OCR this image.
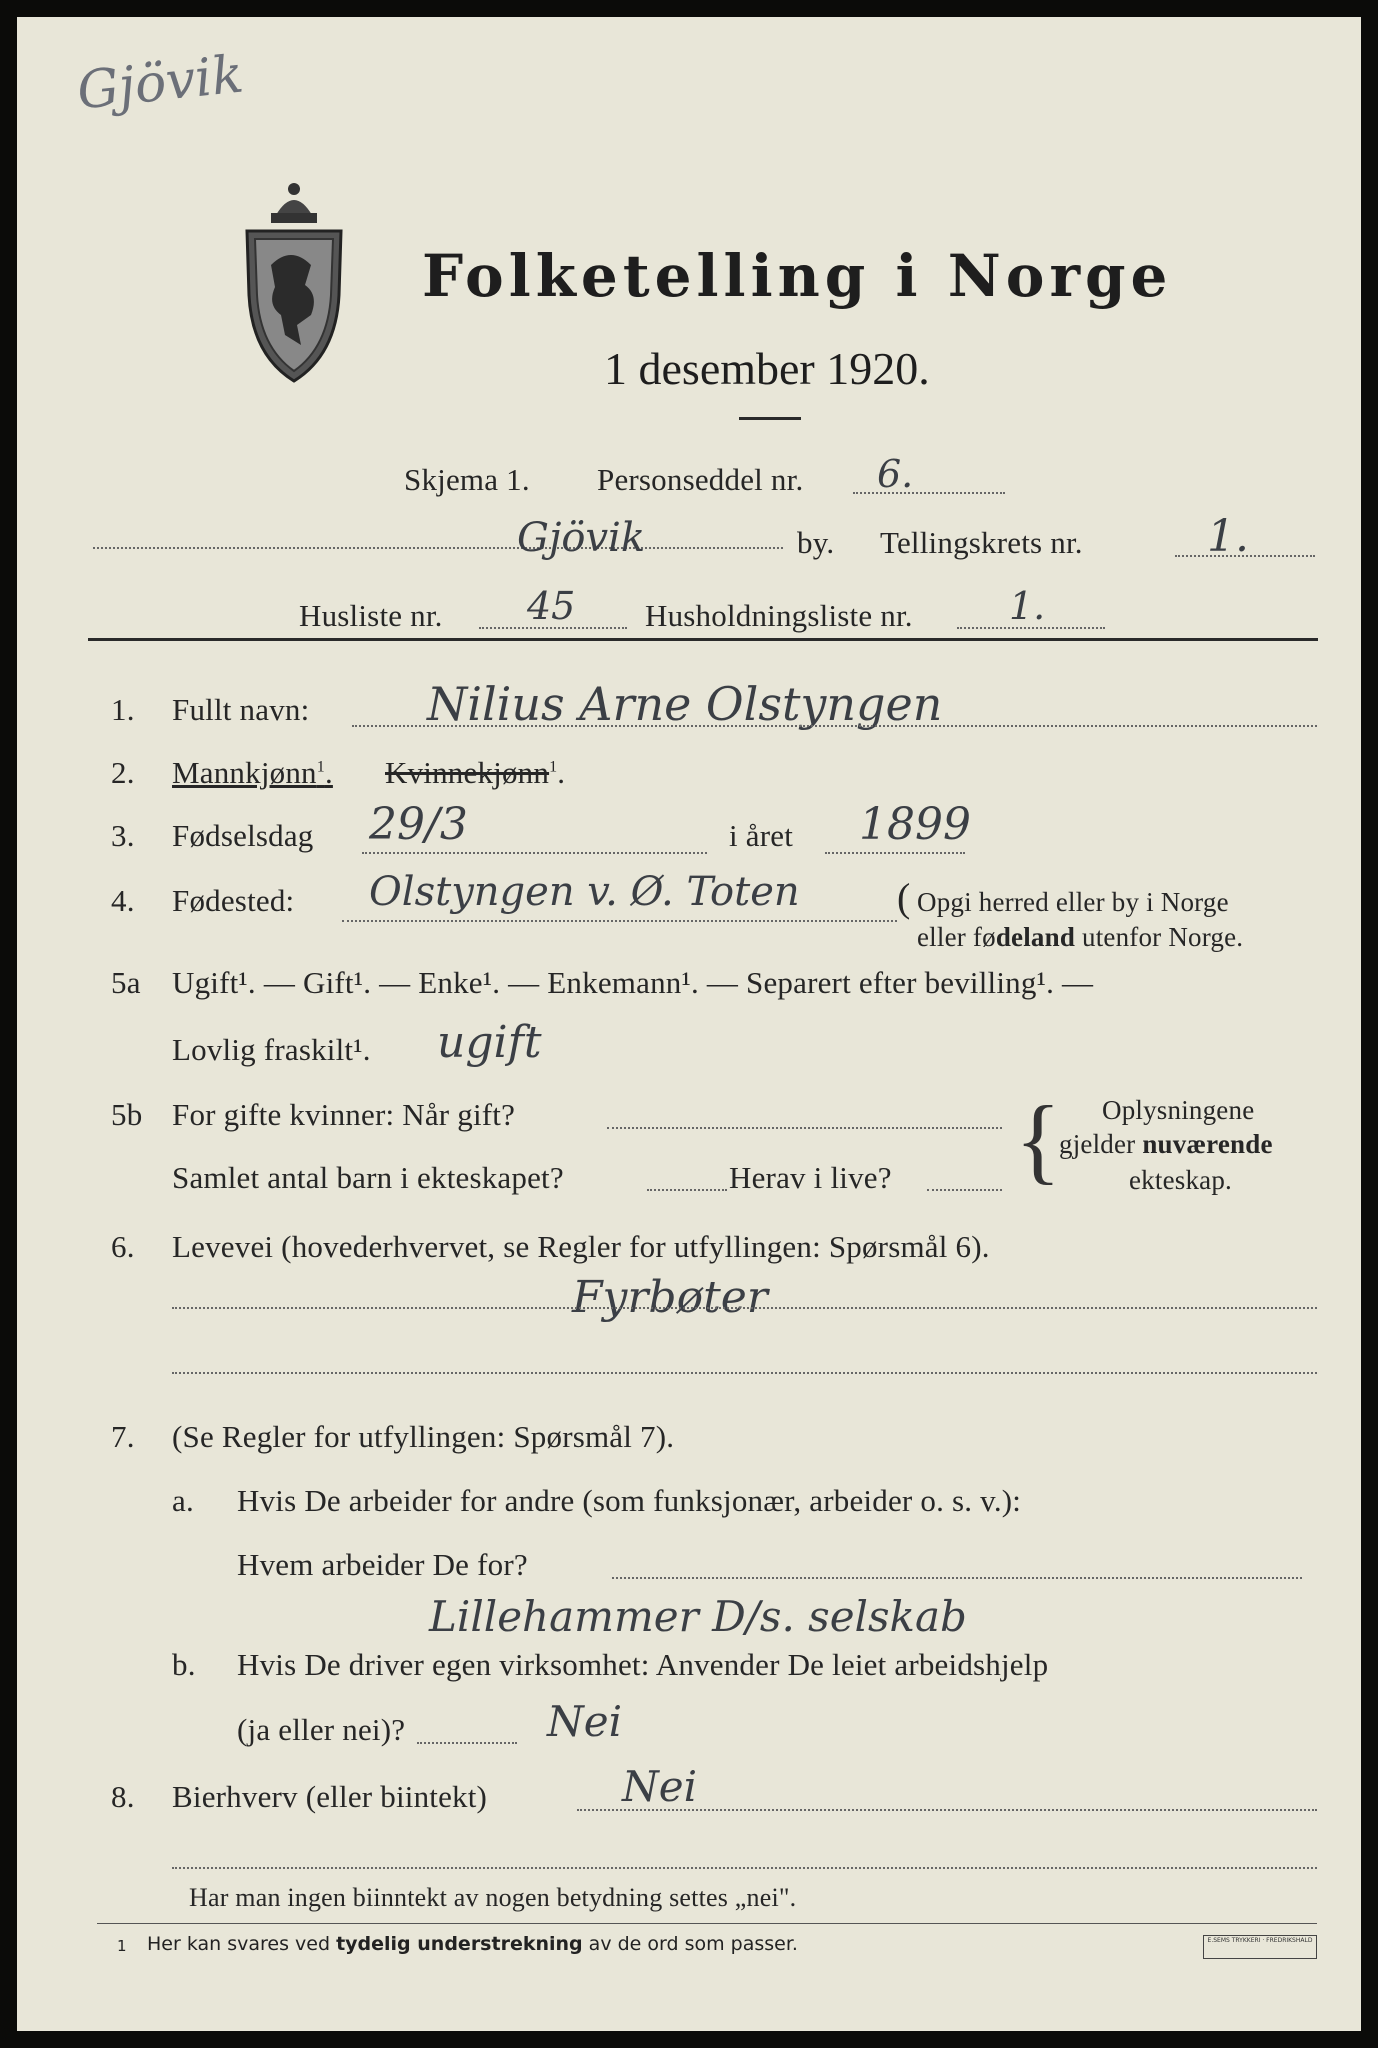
Gjövik
Folketelling i Norge
1 desember 1920.
Skjema 1. Personseddel nr. 6.
Gjövik	by. Tellingskrets nr.	1.
Husliste nr. 45 Husholdningsliste nr.	1.
1. Fullt navn:	Nilius Arne Olstyngen
2. Mannkjønn$^1$. Kvinnekjønn$^1$.
3. Fødselsdag 29/3	i året 1899
4. Fødested: Olstyngen v. Ø. Toten ( Opgi herred eller by i Norge
eller fødeland utenfor Norge.
5a Ugift¹. — Gift¹. — Enke¹. — Enkemann¹. — Separert efter bevilling¹. —
Lovlig fraskilt¹. ugift
5b For gifte kvinner: Når gift?
Samlet antal barn i ekteskapet?	Herav i live? { Oplysningene
gjelder nuværende
ekteskap.
6. Levevei (hovederhvervet, se Regler for utfyllingen: Spørsmål 6).
Fyrbøter
7. (Se Regler for utfyllingen: Spørsmål 7).
a. Hvis De arbeider for andre (som funksjonær, arbeider o. s. v.):
Hvem arbeider De for?
Lillehammer D/s. selskab
b. Hvis De driver egen virksomhet: Anvender De leiet arbeidshjelp
(ja eller nei)?	Nei
8. Bierhverv (eller biintekt)	Nei
Har man ingen biinntekt av nogen betydning settes „nei".
1 Her kan svares ved tydelig understrekning av de ord som passer.	E.SEMS TRYKKERI · FREDRIKSHALD
